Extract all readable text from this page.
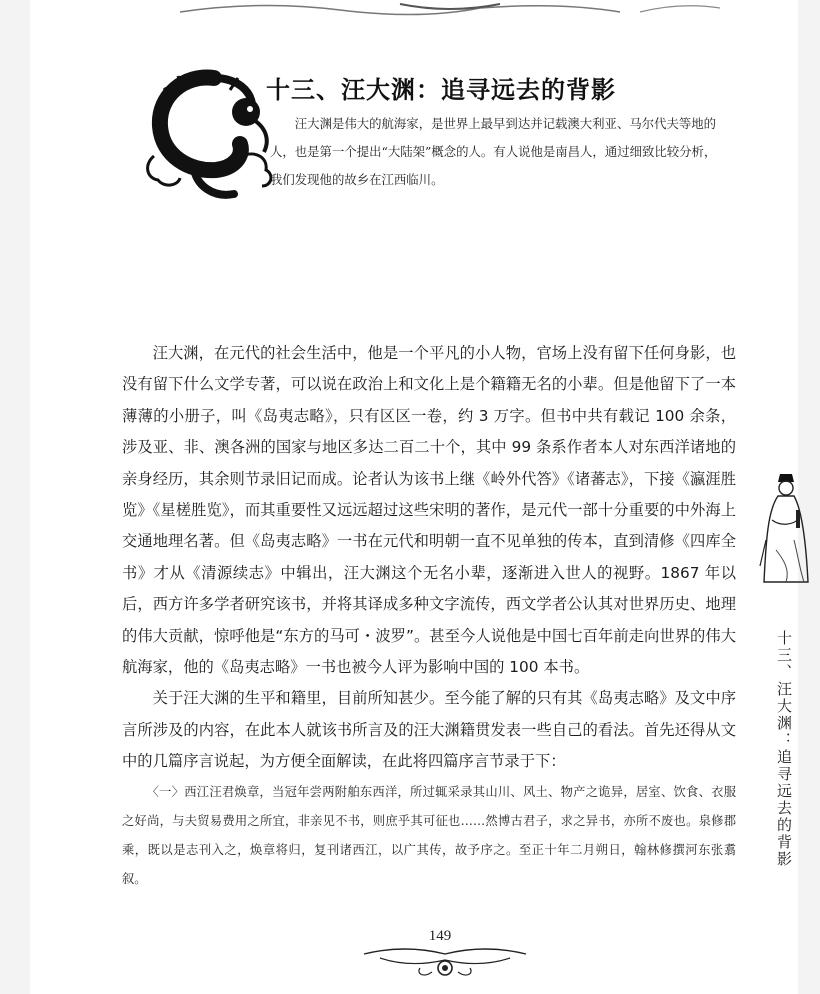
十三、汪大渊：追寻远去的背影
汪大渊是伟大的航海家，是世界上最早到达并记载澳大利亚、马尔代夫等地的人，也是第一个提出“大陆架”概念的人。有人说他是南昌人，通过细致比较分析，我们发现他的故乡在江西临川。

汪大渊，在元代的社会生活中，他是一个平凡的小人物，官场上没有留下任何身影，也没有留下什么文学专著，可以说在政治上和文化上是个籍籍无名的小辈。但是他留下了一本薄薄的小册子，叫《岛夷志略》，只有区区一卷，约 3 万字。但书中共有载记 100 余条，涉及亚、非、澳各洲的国家与地区多达二百二十个，其中 99 条系作者本人对东西洋诸地的亲身经历，其余则节录旧记而成。论者认为该书上继《岭外代答》《诸蕃志》，下接《瀛涯胜览》《星槎胜览》，而其重要性又远远超过这些宋明的著作，是元代一部十分重要的中外海上交通地理名著。但《岛夷志略》一书在元代和明朝一直不见单独的传本，直到清修《四库全书》才从《清源续志》中辑出，汪大渊这个无名小辈，逐渐进入世人的视野。1867 年以后，西方许多学者研究该书，并将其译成多种文字流传，西文学者公认其对世界历史、地理的伟大贡献，惊呼他是“东方的马可・波罗”。甚至今人说他是中国七百年前走向世界的伟大航海家，他的《岛夷志略》一书也被今人评为影响中国的 100 本书。

关于汪大渊的生平和籍里，目前所知甚少。至今能了解的只有其《岛夷志略》及文中序言所涉及的内容，在此本人就该书所言及的汪大渊籍贯发表一些自己的看法。首先还得从文中的几篇序言说起，为方便全面解读，在此将四篇序言节录于下：

〈一〉西江汪君焕章，当冠年尝两附舶东西洋，所过辄采录其山川、风土、物产之诡异，居室、饮食、衣服之好尚，与夫贸易费用之所宜，非亲见不书，则庶乎其可征也……然博古君子，求之异书，亦所不废也。泉修郡乘，既以是志刊入之，焕章将归，复刊诸西江，以广其传，故予序之。至正十年二月朔日，翰林修撰河东张翥叙。

十三、汪大渊：追寻远去的背影
149
